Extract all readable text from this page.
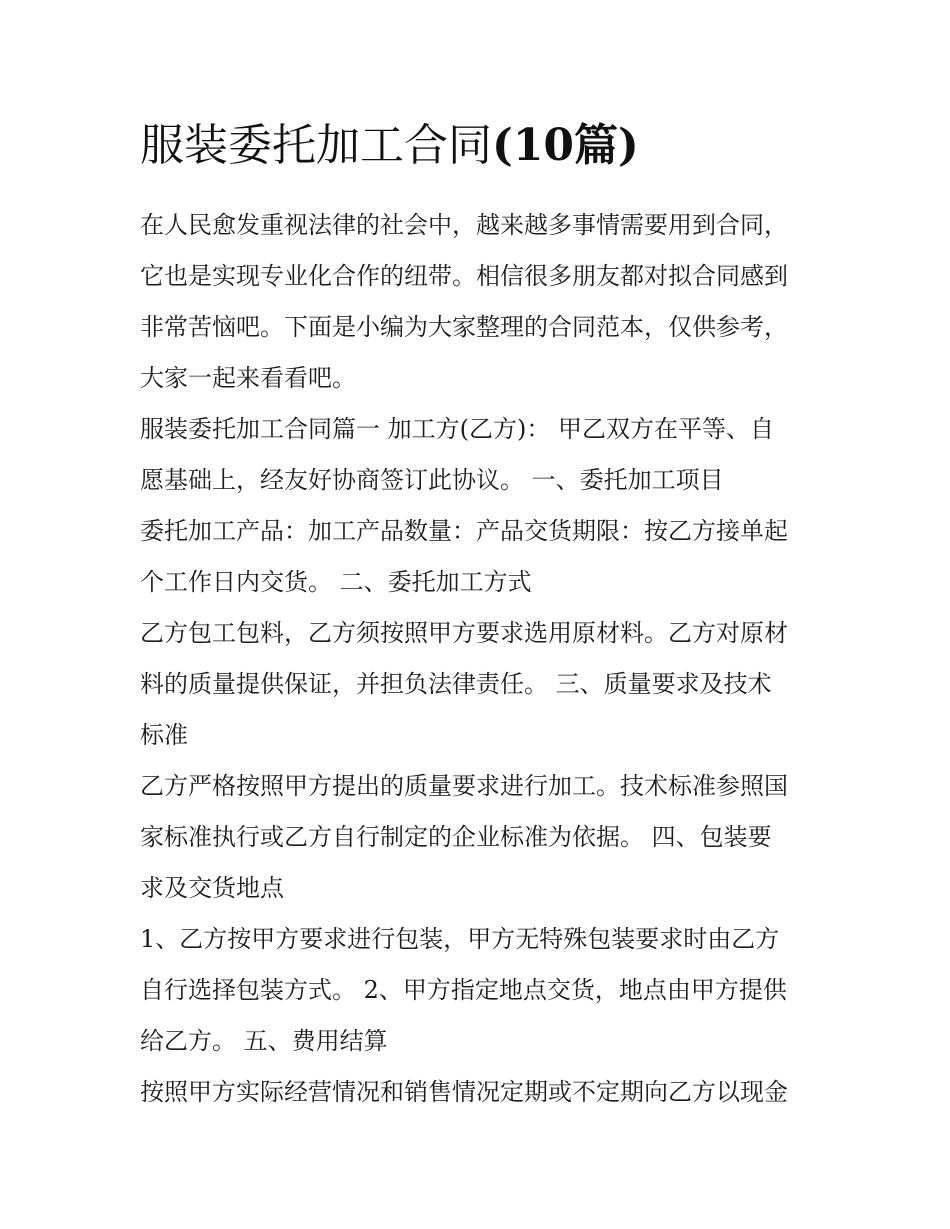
服装委托加工合同(10篇)

在人民愈发重视法律的社会中，越来越多事情需要用到合同，

它也是实现专业化合作的纽带。相信很多朋友都对拟合同感到

非常苦恼吧。下面是小编为大家整理的合同范本，仅供参考，

大家一起来看看吧。

服装委托加工合同篇一 加工方(乙方)： 甲乙双方在平等、自

愿基础上，经友好协商签订此协议。 一、委托加工项目

委托加工产品：加工产品数量：产品交货期限：按乙方接单起

个工作日内交货。 二、委托加工方式

乙方包工包料，乙方须按照甲方要求选用原材料。乙方对原材

料的质量提供保证，并担负法律责任。 三、质量要求及技术

标准

乙方严格按照甲方提出的质量要求进行加工。技术标准参照国

家标准执行或乙方自行制定的企业标准为依据。 四、包装要

求及交货地点

1、乙方按甲方要求进行包装，甲方无特殊包装要求时由乙方

自行选择包装方式。 2、甲方指定地点交货，地点由甲方提供

给乙方。 五、费用结算

按照甲方实际经营情况和销售情况定期或不定期向乙方以现金
